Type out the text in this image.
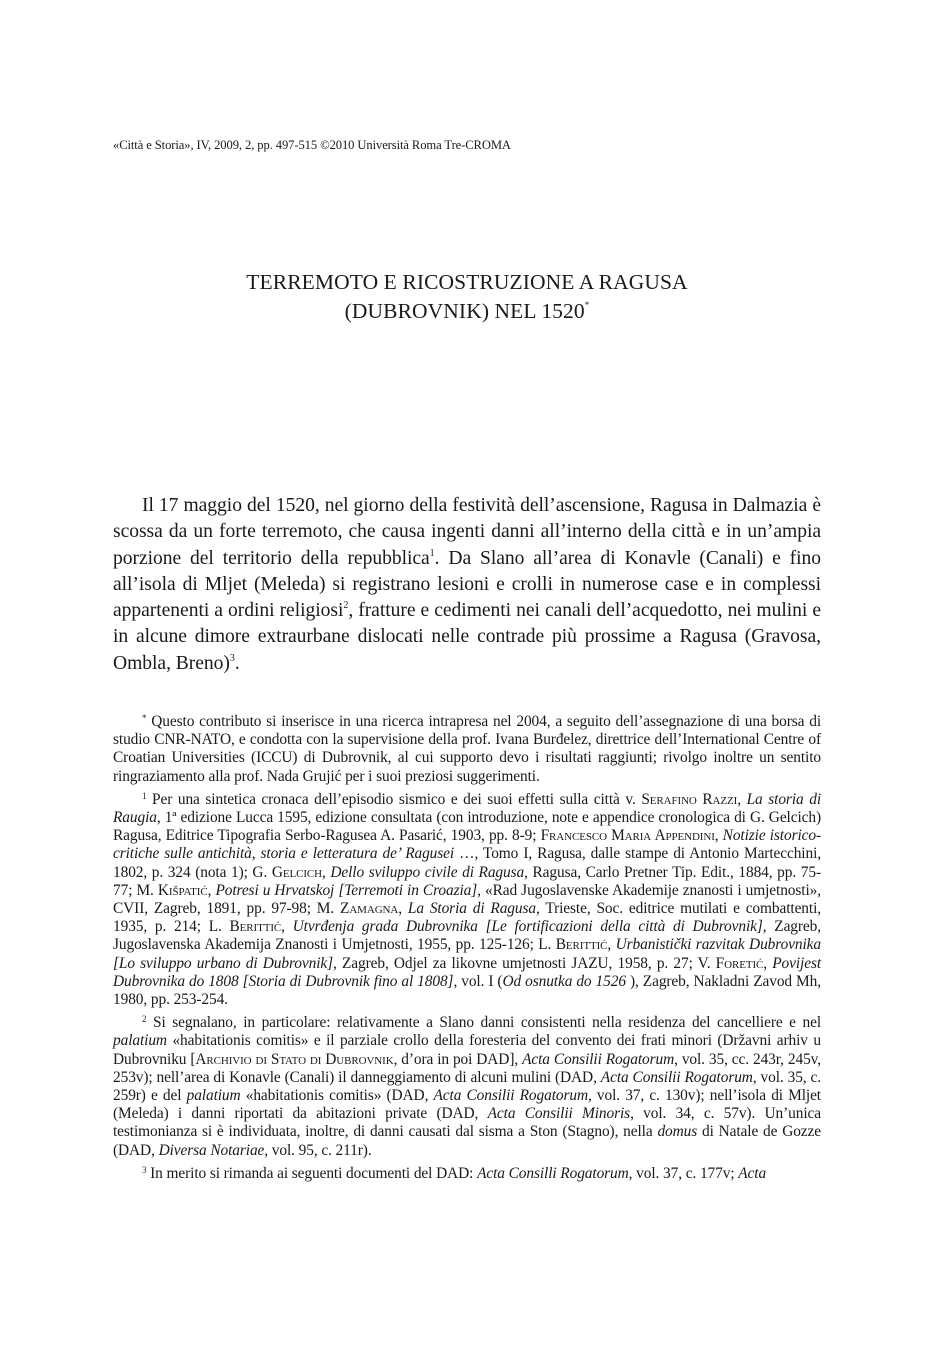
«Città e Storia», IV, 2009, 2, pp. 497-515 ©2010 Università Roma Tre-CROMA
TERREMOTO E RICOSTRUZIONE A RAGUSA
(DUBROVNIK) NEL 1520*

Il 17 maggio del 1520, nel giorno della festività dell’ascensione, Ragusa in Dalmazia è scossa da un forte terremoto, che causa ingenti danni all’interno della città e in un’ampia porzione del territorio della repubblica$^1$. Da Slano all’area di Konavle (Canali) e fino all’isola di Mljet (Meleda) si registrano lesioni e crolli in numerose case e in complessi appartenenti a ordini religiosi$^2$, fratture e cedimenti nei canali dell’acquedotto, nei mulini e in alcune dimore extraurbane dislocati nelle contrade più prossime a Ragusa (Gravosa, Ombla, Breno)$^3$.

* Questo contributo si inserisce in una ricerca intrapresa nel 2004, a seguito dell’assegnazione di una borsa di studio CNR-NATO, e condotta con la supervisione della prof. Ivana Burđelez, direttrice dell’International Centre of Croatian Universities (ICCU) di Dubrovnik, al cui supporto devo i risultati raggiunti; rivolgo inoltre un sentito ringraziamento alla prof. Nada Grujić per i suoi preziosi suggerimenti.

$^1$ Per una sintetica cronaca dell’episodio sismico e dei suoi effetti sulla città v. Serafino Razzi, La storia di Raugia, 1ª edizione Lucca 1595, edizione consultata (con introduzione, note e appendice cronologica di G. Gelcich) Ragusa, Editrice Tipografia Serbo-Ragusea A. Pasarić, 1903, pp. 8-9; Francesco Maria Appendini, Notizie istorico-critiche sulle antichità, storia e letteratura de’ Ragusei …, Tomo I, Ragusa, dalle stampe di Antonio Martecchini, 1802, p. 324 (nota 1); G. Gelcich, Dello sviluppo civile di Ragusa, Ragusa, Carlo Pretner Tip. Edit., 1884, pp. 75-77; M. Kišpatić, Potresi u Hrvatskoj [Terremoti in Croazia], «Rad Jugoslavenske Akademije znanosti i umjetnosti», CVII, Zagreb, 1891, pp. 97-98; M. Zamagna, La Storia di Ragusa, Trieste, Soc. editrice mutilati e combattenti, 1935, p. 214; L. Berittić, Utvrđenja grada Dubrovnika [Le fortificazioni della città di Dubrovnik], Zagreb, Jugoslavenska Akademija Znanosti i Umjetnosti, 1955, pp. 125-126; L. Berittić, Urbanistički razvitak Dubrovnika [Lo sviluppo urbano di Dubrovnik], Zagreb, Odjel za likovne umjetnosti JAZU, 1958, p. 27; V. Foretić, Povijest Dubrovnika do 1808 [Storia di Dubrovnik fino al 1808], vol. I (Od osnutka do 1526 ), Zagreb, Nakladni Zavod Mh, 1980, pp. 253-254.

$^2$ Si segnalano, in particolare: relativamente a Slano danni consistenti nella residenza del cancelliere e nel palatium «habitationis comitis» e il parziale crollo della foresteria del convento dei frati minori (Državni arhiv u Dubrovniku [Archivio di Stato di Dubrovnik, d’ora in poi DAD], Acta Consilii Rogatorum, vol. 35, cc. 243r, 245v, 253v); nell’area di Konavle (Canali) il danneggiamento di alcuni mulini (DAD, Acta Consilii Rogatorum, vol. 35, c. 259r) e del palatium «habitationis comitis» (DAD, Acta Consilii Rogatorum, vol. 37, c. 130v); nell’isola di Mljet (Meleda) i danni riportati da abitazioni private (DAD, Acta Consilii Minoris, vol. 34, c. 57v). Un’unica testimonianza si è individuata, inoltre, di danni causati dal sisma a Ston (Stagno), nella domus di Natale de Gozze (DAD, Diversa Notariae, vol. 95, c. 211r).

$^3$ In merito si rimanda ai seguenti documenti del DAD: Acta Consilli Rogatorum, vol. 37, c. 177v; Acta
